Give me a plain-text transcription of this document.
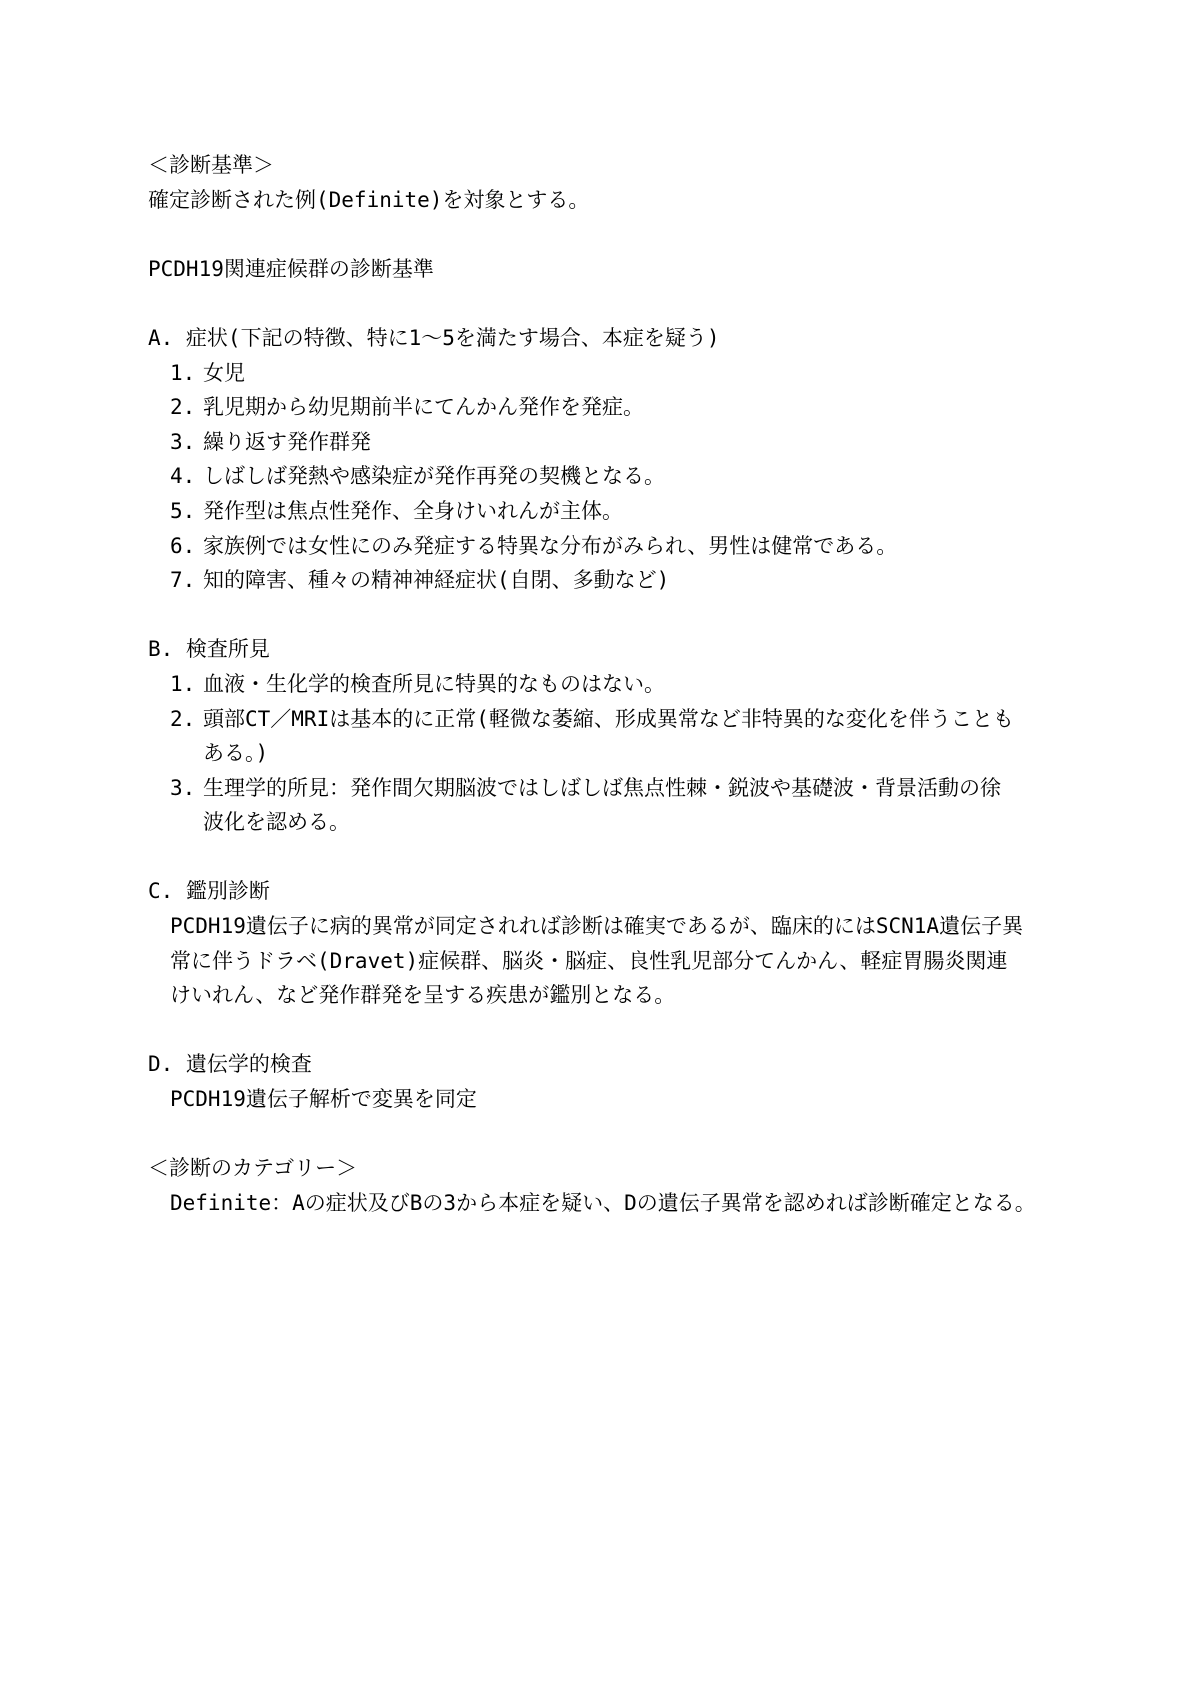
＜診断基準＞
確定診断された例(Definite)を対象とする。
PCDH19関連症候群の診断基準
A. 症状(下記の特徴、特に1～5を満たす場合、本症を疑う)
1. 女児
2. 乳児期から幼児期前半にてんかん発作を発症。
3. 繰り返す発作群発
4. しばしば発熱や感染症が発作再発の契機となる。
5. 発作型は焦点性発作、全身けいれんが主体。
6. 家族例では女性にのみ発症する特異な分布がみられ、男性は健常である。
7. 知的障害、種々の精神神経症状(自閉、多動など)
B. 検査所見
1. 血液・生化学的検査所見に特異的なものはない。
2. 頭部CT／MRIは基本的に正常(軽微な萎縮、形成異常など非特異的な変化を伴うことも
ある。)
3. 生理学的所見：発作間欠期脳波ではしばしば焦点性棘・鋭波や基礎波・背景活動の徐
波化を認める。
C. 鑑別診断
PCDH19遺伝子に病的異常が同定されれば診断は確実であるが、臨床的にはSCN1A遺伝子異
常に伴うドラベ(Dravet)症候群、脳炎・脳症、良性乳児部分てんかん、軽症胃腸炎関連
けいれん、など発作群発を呈する疾患が鑑別となる。
D. 遺伝学的検査
PCDH19遺伝子解析で変異を同定
＜診断のカテゴリー＞
Definite：Aの症状及びBの3から本症を疑い、Dの遺伝子異常を認めれば診断確定となる。
